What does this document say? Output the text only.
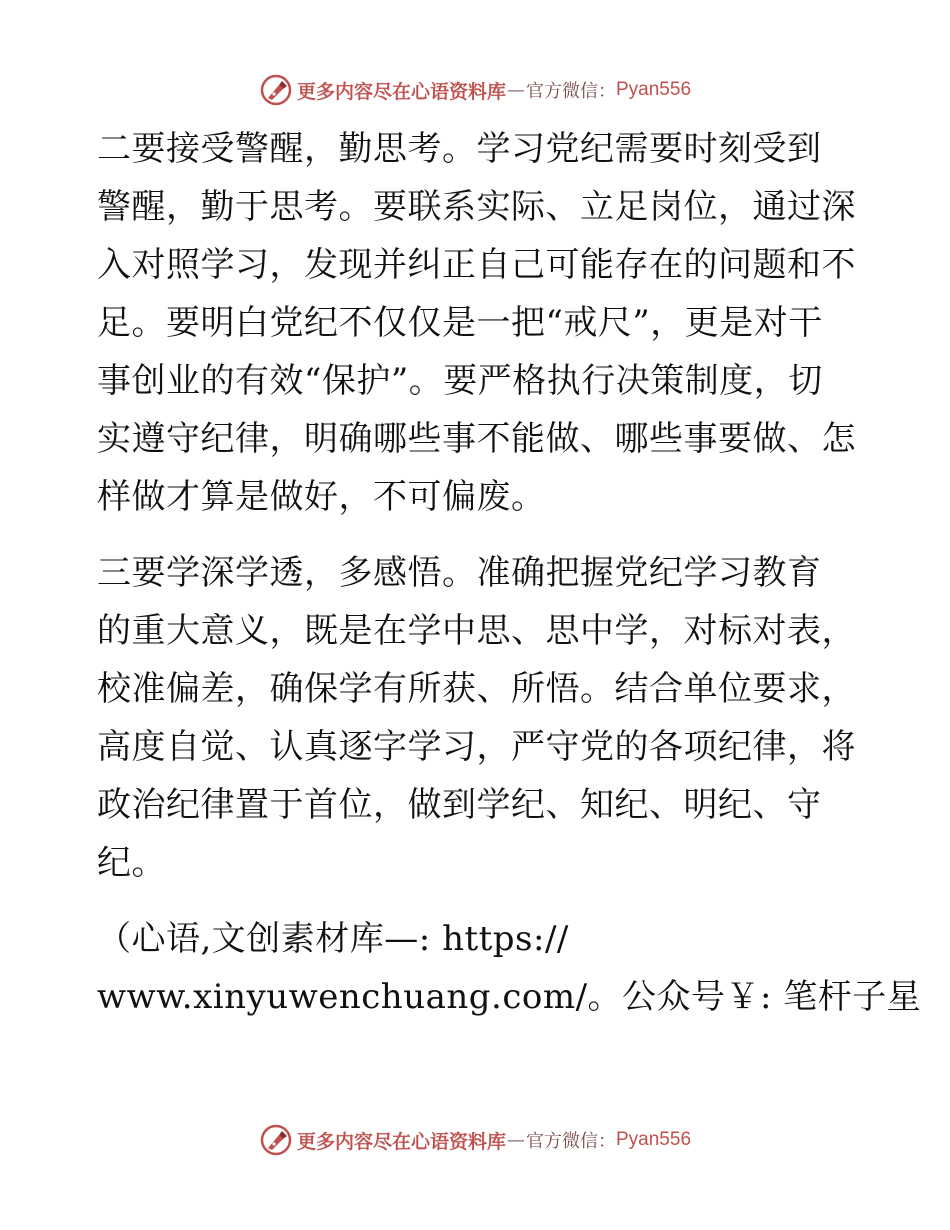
更多内容尽在心语资料库 — 官方微信： Pyan556

二要接受警醒，勤思考。学习党纪需要时刻受到
警醒，勤于思考。要联系实际、立足岗位，通过深
入对照学习，发现并纠正自己可能存在的问题和不
足。要明白党纪不仅仅是一把“戒尺”，更是对干
事创业的有效“保护”。要严格执行决策制度，切
实遵守纪律，明确哪些事不能做、哪些事要做、怎
样做才算是做好，不可偏废。

三要学深学透，多感悟。准确把握党纪学习教育
的重大意义，既是在学中思、思中学，对标对表，
校准偏差，确保学有所获、所悟。结合单位要求，
高度自觉、认真逐字学习，严守党的各项纪律，将
政治纪律置于首位，做到学纪、知纪、明纪、守
纪。

（心语,文创素材库—: https://
www.xinyuwenchuang.com/。公众号￥: 笔杆子星

更多内容尽在心语资料库 — 官方微信： Pyan556
